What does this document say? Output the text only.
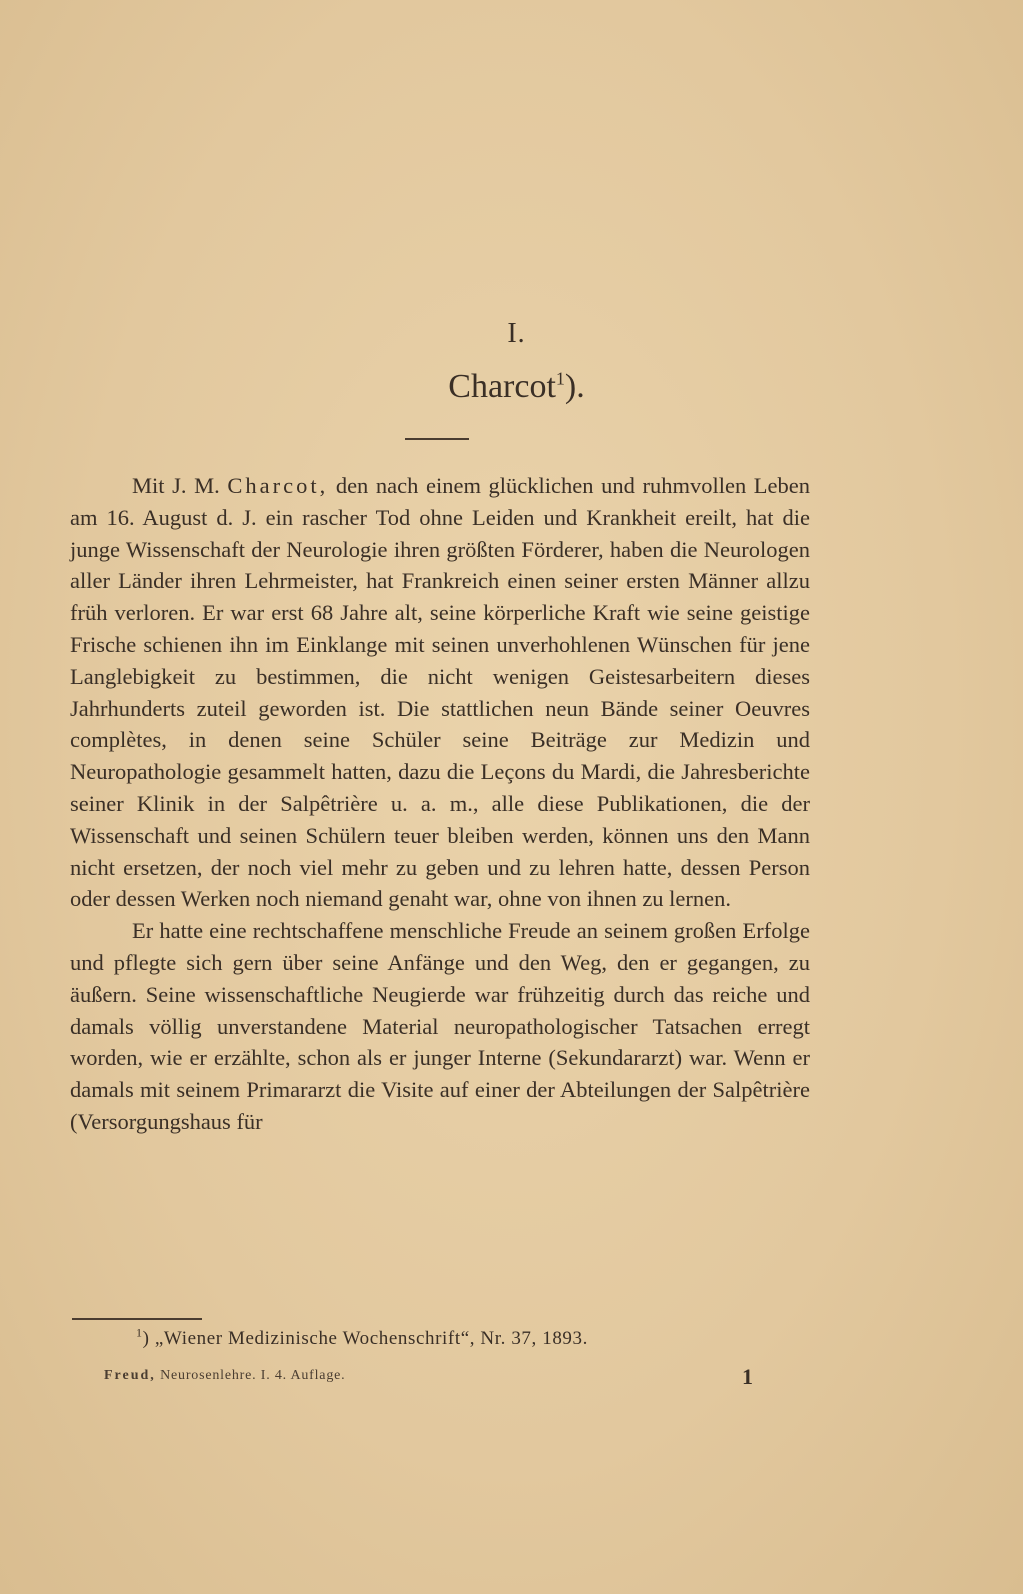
I.
Charcot$^1$).

Mit J. M. Charcot, den nach einem glücklichen und ruhmvollen Leben am 16. August d. J. ein rascher Tod ohne Leiden und Krankheit ereilt, hat die junge Wissenschaft der Neurologie ihren größten Förderer, haben die Neurologen aller Länder ihren Lehrmeister, hat Frankreich einen seiner ersten Männer allzu früh verloren. Er war erst 68 Jahre alt, seine körperliche Kraft wie seine geistige Frische schienen ihn im Einklange mit seinen unverhohlenen Wünschen für jene Langlebigkeit zu bestimmen, die nicht wenigen Geistesarbeitern dieses Jahrhunderts zuteil geworden ist. Die stattlichen neun Bände seiner Oeuvres complètes, in denen seine Schüler seine Beiträge zur Medizin und Neuropathologie gesammelt hatten, dazu die Leçons du Mardi, die Jahresberichte seiner Klinik in der Salpêtrière u. a. m., alle diese Publikationen, die der Wissenschaft und seinen Schülern teuer bleiben werden, können uns den Mann nicht ersetzen, der noch viel mehr zu geben und zu lehren hatte, dessen Person oder dessen Werken noch niemand genaht war, ohne von ihnen zu lernen.

Er hatte eine rechtschaffene menschliche Freude an seinem großen Erfolge und pflegte sich gern über seine Anfänge und den Weg, den er gegangen, zu äußern. Seine wissenschaftliche Neugierde war frühzeitig durch das reiche und damals völlig unverstandene Material neuropathologischer Tatsachen erregt worden, wie er erzählte, schon als er junger Interne (Sekundararzt) war. Wenn er damals mit seinem Primararzt die Visite auf einer der Abteilungen der Salpêtrière (Versorgungshaus für

$^1$) „Wiener Medizinische Wochenschrift“, Nr. 37, 1893.
Freud, Neurosenlehre. I. 4. Auflage.	1
